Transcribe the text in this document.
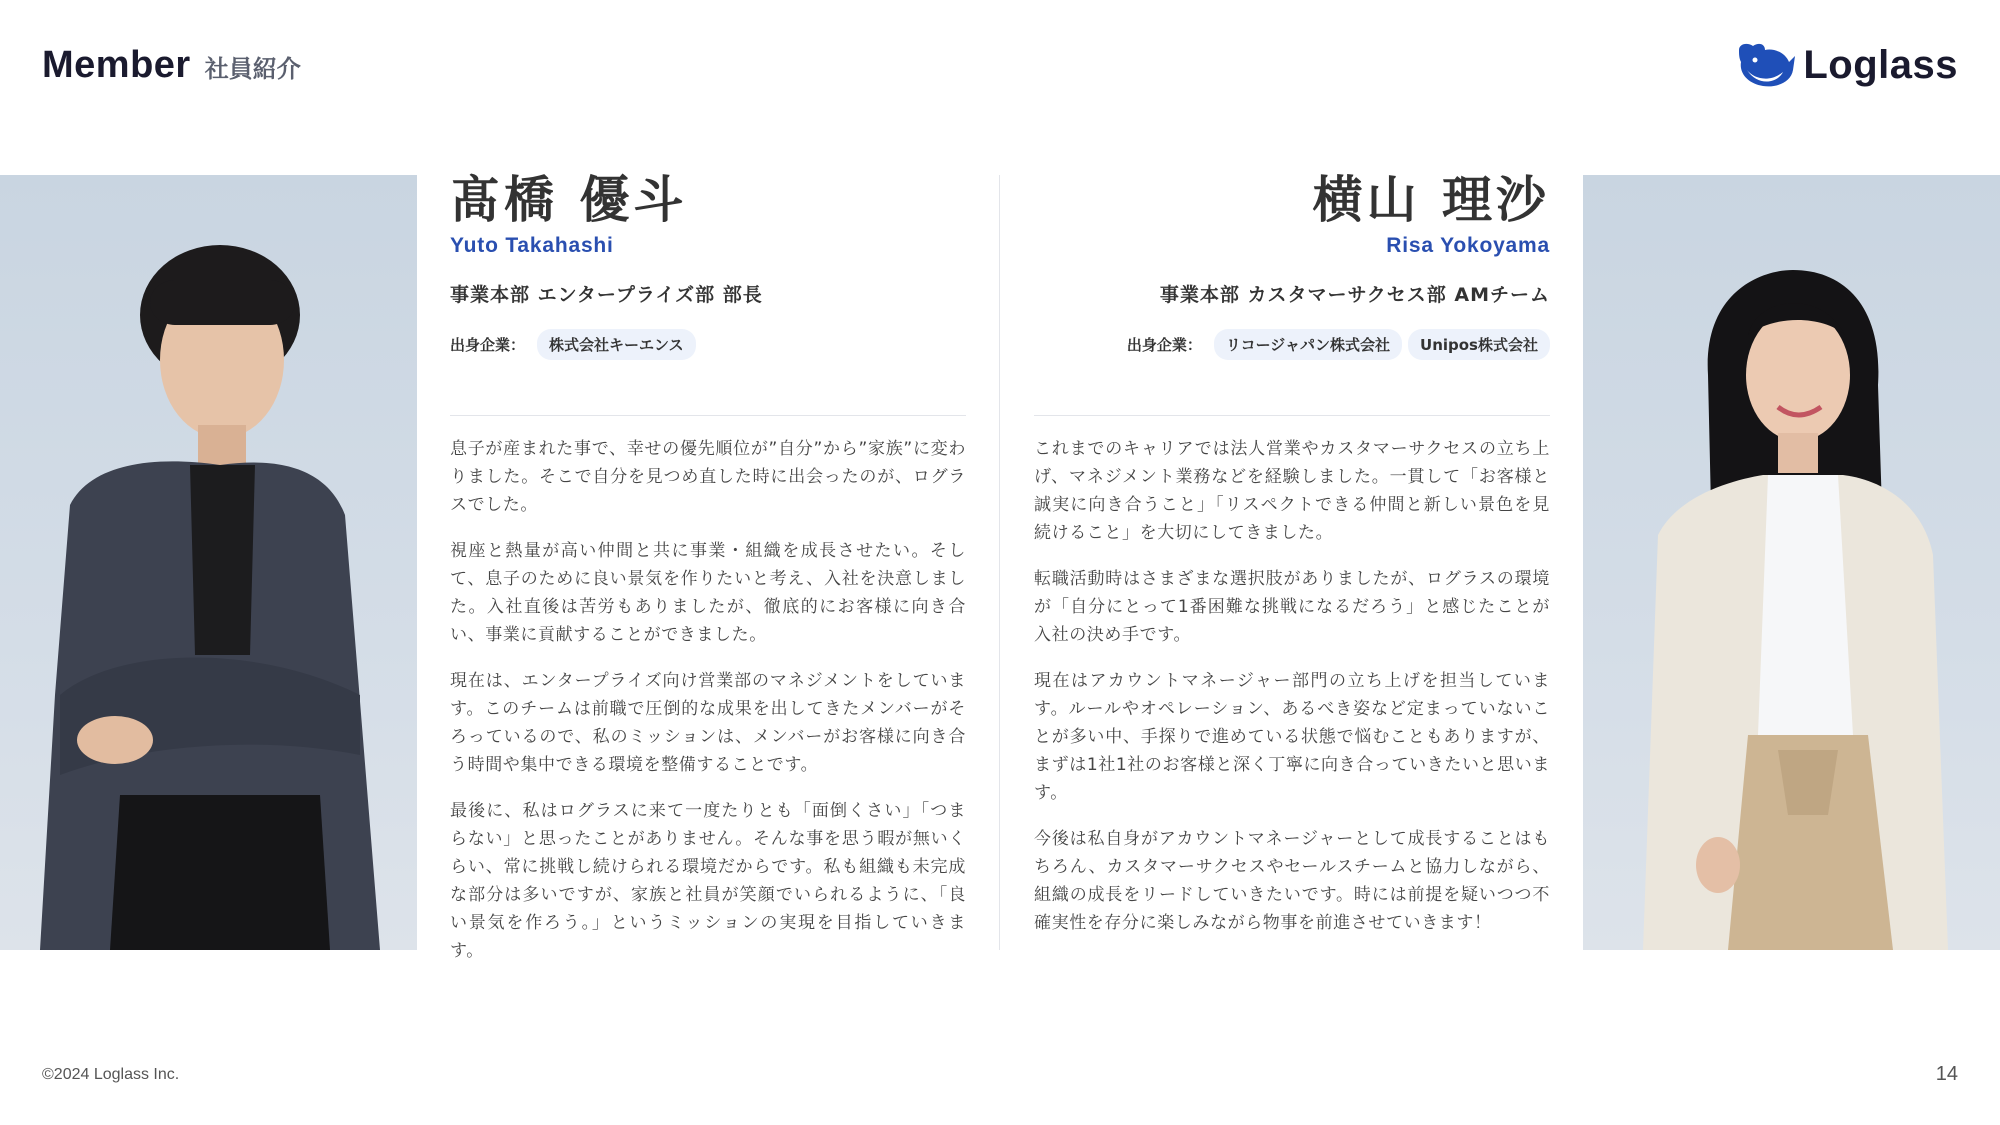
Member 社員紹介	Loglass
髙橋 優斗
Yuto Takahashi
事業本部 エンタープライズ部 部長
出身企業：	株式会社キーエンス

息子が産まれた事で、幸せの優先順位が”自分”から”家族”に変わりました。そこで自分を見つめ直した時に出会ったのが、ログラスでした。

視座と熱量が高い仲間と共に事業・組織を成長させたい。そして、息子のために良い景気を作りたいと考え、入社を決意しました。入社直後は苦労もありましたが、徹底的にお客様に向き合い、事業に貢献することができました。

現在は、エンタープライズ向け営業部のマネジメントをしています。このチームは前職で圧倒的な成果を出してきたメンバーがそろっているので、私のミッションは、メンバーがお客様に向き合う時間や集中できる環境を整備することです。

最後に、私はログラスに来て一度たりとも「面倒くさい」「つまらない」と思ったことがありません。そんな事を思う暇が無いくらい、常に挑戦し続けられる環境だからです。私も組織も未完成な部分は多いですが、家族と社員が笑顔でいられるように、「良い景気を作ろう。」というミッションの実現を目指していきます。

横山 理沙
Risa Yokoyama
事業本部 カスタマーサクセス部 AMチーム
出身企業：	リコージャパン株式会社	Unipos株式会社

これまでのキャリアでは法人営業やカスタマーサクセスの立ち上げ、マネジメント業務などを経験しました。一貫して「お客様と誠実に向き合うこと」「リスペクトできる仲間と新しい景色を見続けること」を大切にしてきました。

転職活動時はさまざまな選択肢がありましたが、ログラスの環境が「自分にとって1番困難な挑戦になるだろう」と感じたことが入社の決め手です。

現在はアカウントマネージャー部門の立ち上げを担当しています。ルールやオペレーション、あるべき姿など定まっていないことが多い中、手探りで進めている状態で悩むこともありますが、まずは1社1社のお客様と深く丁寧に向き合っていきたいと思います。

今後は私自身がアカウントマネージャーとして成長することはもちろん、カスタマーサクセスやセールスチームと協力しながら、組織の成長をリードしていきたいです。時には前提を疑いつつ不確実性を存分に楽しみながら物事を前進させていきます！

©2024 Loglass Inc.	14
